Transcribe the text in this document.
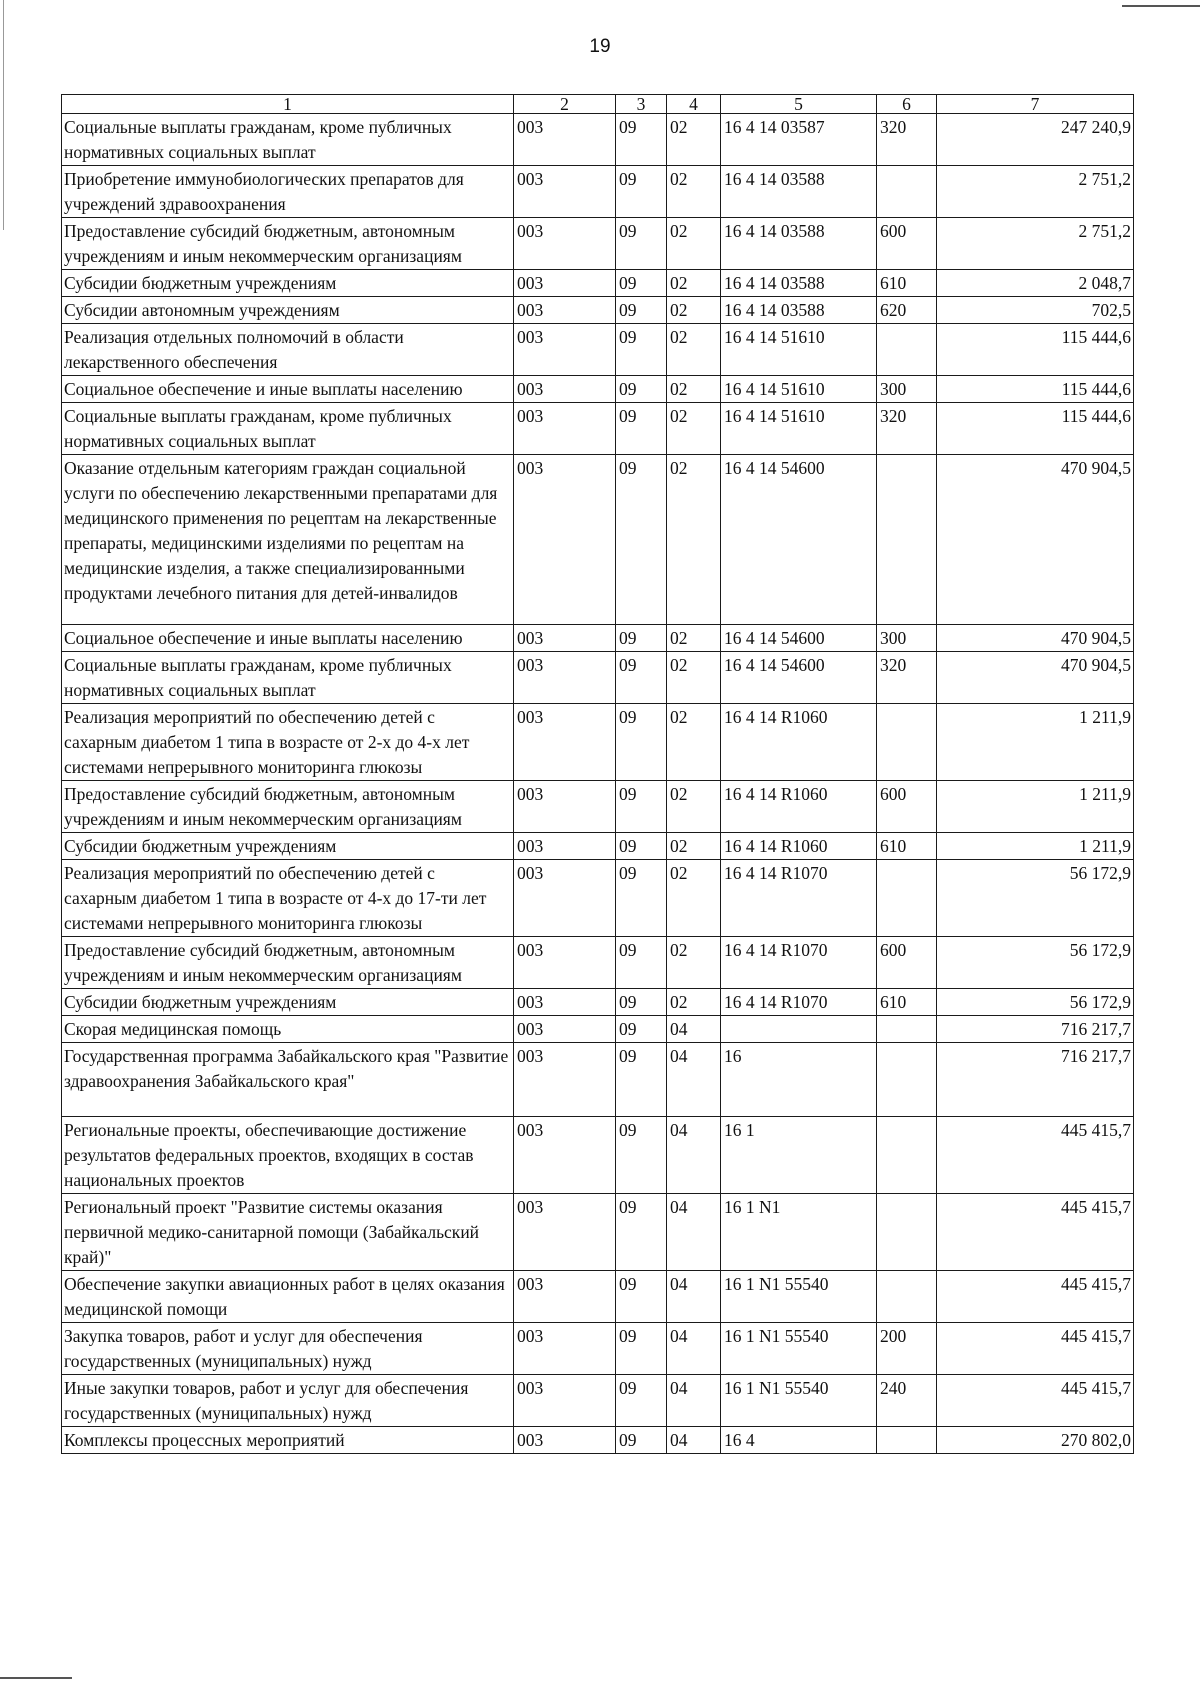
19
1	2	3	4	5	6	7
Социальные выплаты гражданам, кроме публичных нормативных социальных выплат	003	09	02	16 4 14 03587	320	247 240,9
Приобретение иммунобиологических препаратов для учреждений здравоохранения	003	09	02	16 4 14 03588		2 751,2
Предоставление субсидий бюджетным, автономным учреждениям и иным некоммерческим организациям	003	09	02	16 4 14 03588	600	2 751,2
Субсидии бюджетным учреждениям	003	09	02	16 4 14 03588	610	2 048,7
Субсидии автономным учреждениям	003	09	02	16 4 14 03588	620	702,5
Реализация отдельных полномочий в области лекарственного обеспечения	003	09	02	16 4 14 51610		115 444,6
Социальное обеспечение и иные выплаты населению	003	09	02	16 4 14 51610	300	115 444,6
Социальные выплаты гражданам, кроме публичных нормативных социальных выплат	003	09	02	16 4 14 51610	320	115 444,6
Оказание отдельным категориям граждан социальной услуги по обеспечению лекарственными препаратами для медицинского применения по рецептам на лекарственные препараты, медицинскими изделиями по рецептам на медицинские изделия, а также специализированными продуктами лечебного питания для детей-инвалидов	003	09	02	16 4 14 54600		470 904,5
Социальное обеспечение и иные выплаты населению	003	09	02	16 4 14 54600	300	470 904,5
Социальные выплаты гражданам, кроме публичных нормативных социальных выплат	003	09	02	16 4 14 54600	320	470 904,5
Реализация мероприятий по обеспечению детей с сахарным диабетом 1 типа в возрасте от 2-х до 4-х лет системами непрерывного мониторинга глюкозы	003	09	02	16 4 14 R1060		1 211,9
Предоставление субсидий бюджетным, автономным учреждениям и иным некоммерческим организациям	003	09	02	16 4 14 R1060	600	1 211,9
Субсидии бюджетным учреждениям	003	09	02	16 4 14 R1060	610	1 211,9
Реализация мероприятий по обеспечению детей с сахарным диабетом 1 типа в возрасте от 4-х до 17-ти лет системами непрерывного мониторинга глюкозы	003	09	02	16 4 14 R1070		56 172,9
Предоставление субсидий бюджетным, автономным учреждениям и иным некоммерческим организациям	003	09	02	16 4 14 R1070	600	56 172,9
Субсидии бюджетным учреждениям	003	09	02	16 4 14 R1070	610	56 172,9
Скорая медицинская помощь	003	09	04			716 217,7
Государственная программа Забайкальского края "Развитие здравоохранения Забайкальского края"	003	09	04	16		716 217,7
Региональные проекты, обеспечивающие достижение результатов федеральных проектов, входящих в состав национальных проектов	003	09	04	16 1		445 415,7
Региональный проект "Развитие системы оказания первичной медико-санитарной помощи (Забайкальский край)"	003	09	04	16 1 N1		445 415,7
Обеспечение закупки авиационных работ в целях оказания медицинской помощи	003	09	04	16 1 N1 55540		445 415,7
Закупка товаров, работ и услуг для обеспечения государственных (муниципальных) нужд	003	09	04	16 1 N1 55540	200	445 415,7
Иные закупки товаров, работ и услуг для обеспечения государственных (муниципальных) нужд	003	09	04	16 1 N1 55540	240	445 415,7
Комплексы процессных мероприятий	003	09	04	16 4		270 802,0
